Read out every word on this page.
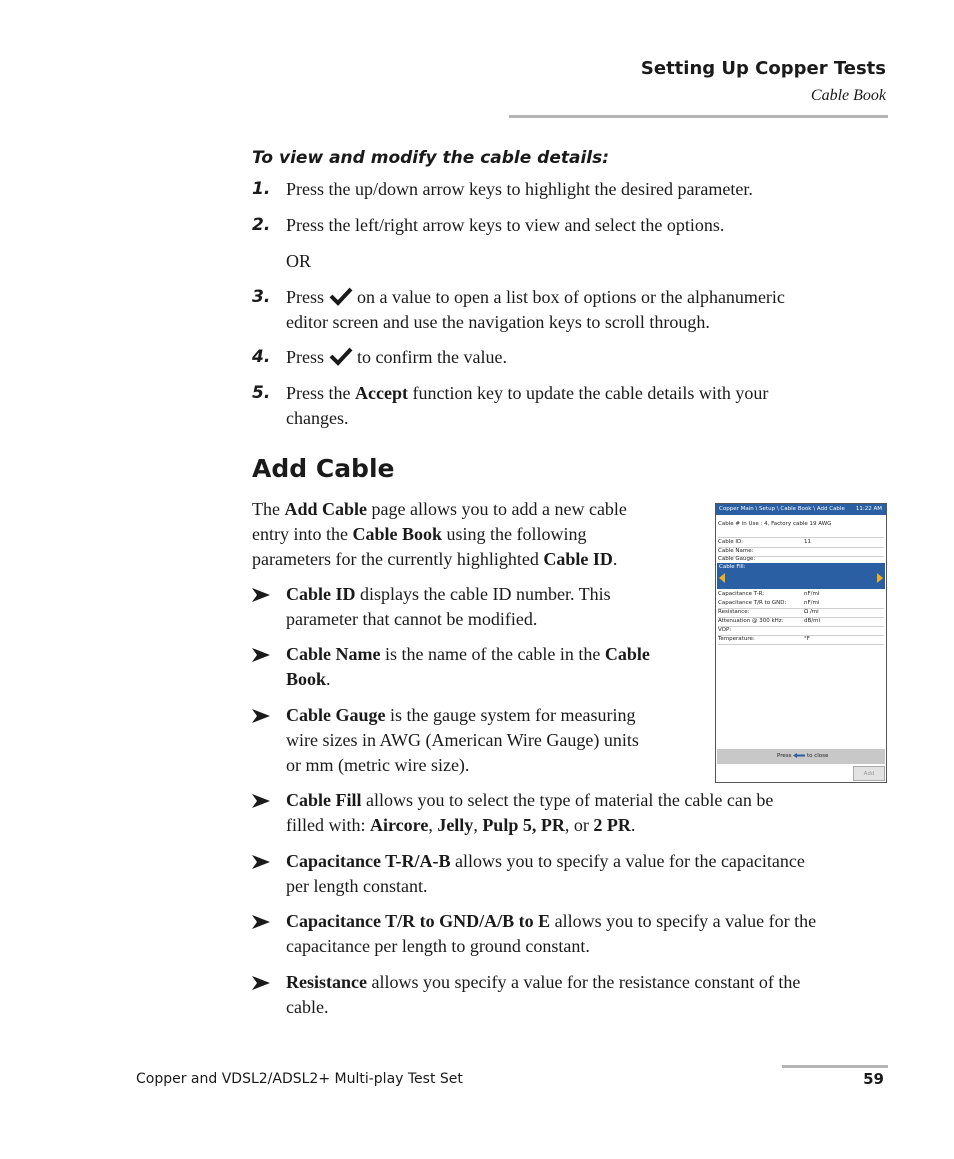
Setting Up Copper Tests
Cable Book
To view and modify the cable details:
1. Press the up/down arrow keys to highlight the desired parameter.
2. Press the left/right arrow keys to view and select the options.
OR
3. Press on a value to open a list box of options or the alphanumeric
editor screen and use the navigation keys to scroll through.
4. Press to confirm the value.
5. Press the Accept function key to update the cable details with your
changes.
Add Cable
The Add Cable page allows you to add a new cable
entry into the Cable Book using the following
parameters for the currently highlighted Cable ID.
Cable ID displays the cable ID number. This
parameter that cannot be modified.
Cable Name is the name of the cable in the Cable
Book.
Cable Gauge is the gauge system for measuring
wire sizes in AWG (American Wire Gauge) units
or mm (metric wire size).
Cable Fill allows you to select the type of material the cable can be
filled with: Aircore, Jelly, Pulp 5, PR, or 2 PR.
Capacitance T-R/A-B allows you to specify a value for the capacitance
per length constant.
Capacitance T/R to GND/A/B to E allows you to specify a value for the
capacitance per length to ground constant.
Resistance allows you specify a value for the resistance constant of the
cable.
Copper Main \ Setup \ Cable Book \ Add Cable 11:22 AM
Cable # in Use : 4, Factory cable 19 AWG
Cable ID:	11
Cable Name:
Cable Gauge:
Cable Fill:
Capacitance T-R:	nF/mi
Capacitance T/R to GND:	nF/mi
Resistance:	Ω /mi
Attenuation @ 300 kHz:	dB/mi
VOP:
Temperature:	°F
Press	to close
Add
Copper and VDSL2/ADSL2+ Multi-play Test Set	59
